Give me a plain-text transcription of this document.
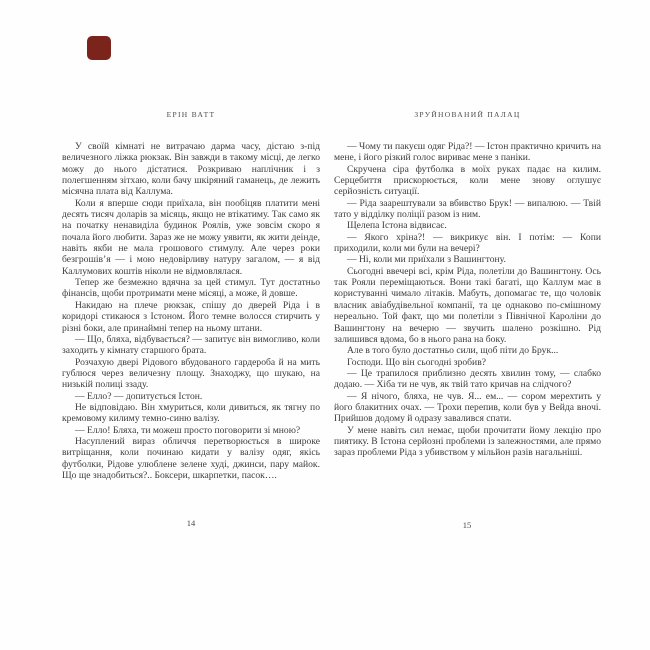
ЕРІН ВАТТ

У своїй кімнаті не витрачаю дарма часу, дістаю з-під величезного ліжка рюкзак. Він завжди в такому місці, де легко можу до нього дістатися. Розкриваю наплічник і з полегшенням зітхаю, коли бачу шкіряний гаманець, де лежить місячна плата від Каллума.

Коли я вперше сюди приїхала, він пообіцяв платити мені десять тисяч доларів за місяць, якщо не втікатиму. Так само як на початку ненавиділа будинок Роялів, уже зовсім скоро я почала його любити. Зараз же не можу уявити, як жити деінде, навіть якби не мала грошового стимулу. Але через роки безгрошів’я — і мою недовірливу натуру загалом, — я від Каллумових коштів ніколи не відмовлялася.

Тепер же безмежно вдячна за цей стимул. Тут достатньо фінансів, щоби протримати мене місяці, а може, й довше.

Накидаю на плече рюкзак, спішу до дверей Ріда і в коридорі стикаюся з Істоном. Його темне волосся стирчить у різні боки, але принаймні тепер на ньому штани.

— Що, бляха, відбувається? — запитує він вимогливо, коли заходить у кімнату старшого брата.

Розчахую двері Рідового вбудованого гардероба й на мить гублюся через величезну площу. Знаходжу, що шукаю, на низькій полиці ззаду.

— Елло? — допитується Істон.

Не відповідаю. Він хмуриться, коли дивиться, як тягну по кремовому килиму темно-синю валізу.

— Елло! Бляха, ти можеш просто поговорити зі мною?

Насуплений вираз обличчя перетворюється в широке витріщання, коли починаю кидати у валізу одяг, якісь футболки, Рідове улюблене зелене худі, джинси, пару майок. Що ще знадобиться?.. Боксери, шкарпетки, пасок….

ЗРУЙНОВАНИЙ ПАЛАЦ

— Чому ти пакуєш одяг Ріда?! — Істон практично кричить на мене, і його різкий голос вириває мене з паніки.

Скручена сіра футболка в моїх руках падає на килим. Серцебиття прискорюється, коли мене знову оглушує серйозність ситуації.

— Ріда заарештували за вбивство Брук! — випалюю. — Твій тато у відділку поліції разом із ним.

Щелепа Істона відвисає.

— Якого хріна?! — викрикує він. І потім: — Копи приходили, коли ми були на вечері?

— Ні, коли ми приїхали з Вашингтону.

Сьогодні ввечері всі, крім Ріда, полетіли до Вашингтону. Ось так Рояли переміщаються. Вони такі багаті, що Каллум має в користуванні чимало літаків. Мабуть, допомагає те, що чоловік власник авіабудівельної компанії, та це однаково по-смішному нереально. Той факт, що ми полетіли з Північної Кароліни до Вашингтону на вечерю — звучить шалено розкішно. Рід залишився вдома, бо в нього рана на боку.

Але в того було достатньо сили, щоб піти до Брук...

Господи. Що він сьогодні зробив?

— Це трапилося приблизно десять хвилин тому, — слабко додаю. — Хіба ти не чув, як твій тато кричав на слідчого?

— Я нічого, бляха, не чув. Я... ем... — сором мерехтить у його блакитних очах. — Трохи перепив, коли був у Вейда вночі. Прийшов додому й одразу завалився спати.

У мене навіть сил немає, щоби прочитати йому лекцію про пиятику. В Істона серйозні проблеми із залежностями, але прямо зараз проблеми Ріда з убивством у мільйон разів нагальніші.

14	15
